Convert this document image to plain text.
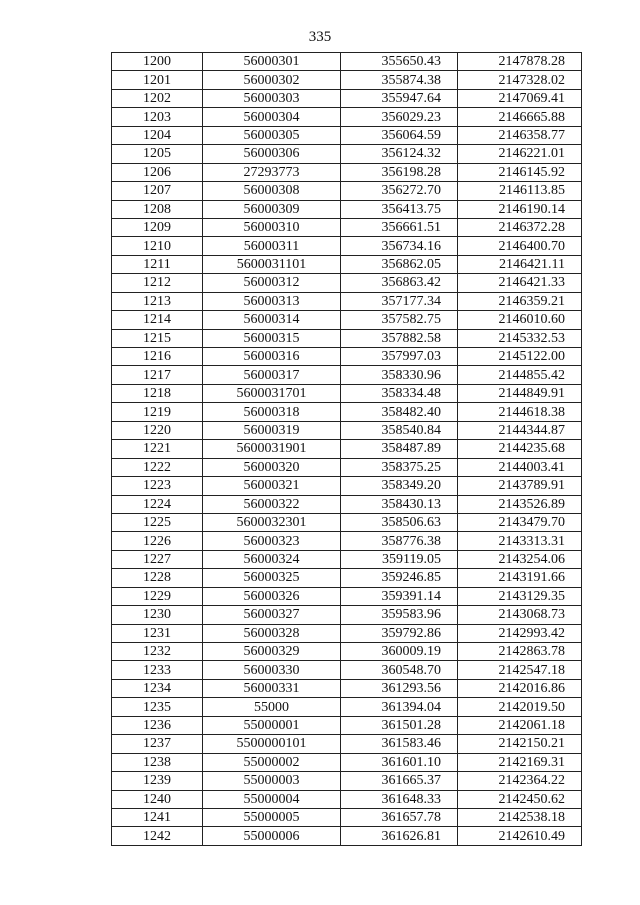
335
1200	56000301	355650.43	2147878.28
1201	56000302	355874.38	2147328.02
1202	56000303	355947.64	2147069.41
1203	56000304	356029.23	2146665.88
1204	56000305	356064.59	2146358.77
1205	56000306	356124.32	2146221.01
1206	27293773	356198.28	2146145.92
1207	56000308	356272.70	2146113.85
1208	56000309	356413.75	2146190.14
1209	56000310	356661.51	2146372.28
1210	56000311	356734.16	2146400.70
1211	5600031101	356862.05	2146421.11
1212	56000312	356863.42	2146421.33
1213	56000313	357177.34	2146359.21
1214	56000314	357582.75	2146010.60
1215	56000315	357882.58	2145332.53
1216	56000316	357997.03	2145122.00
1217	56000317	358330.96	2144855.42
1218	5600031701	358334.48	2144849.91
1219	56000318	358482.40	2144618.38
1220	56000319	358540.84	2144344.87
1221	5600031901	358487.89	2144235.68
1222	56000320	358375.25	2144003.41
1223	56000321	358349.20	2143789.91
1224	56000322	358430.13	2143526.89
1225	5600032301	358506.63	2143479.70
1226	56000323	358776.38	2143313.31
1227	56000324	359119.05	2143254.06
1228	56000325	359246.85	2143191.66
1229	56000326	359391.14	2143129.35
1230	56000327	359583.96	2143068.73
1231	56000328	359792.86	2142993.42
1232	56000329	360009.19	2142863.78
1233	56000330	360548.70	2142547.18
1234	56000331	361293.56	2142016.86
1235	55000	361394.04	2142019.50
1236	55000001	361501.28	2142061.18
1237	5500000101	361583.46	2142150.21
1238	55000002	361601.10	2142169.31
1239	55000003	361665.37	2142364.22
1240	55000004	361648.33	2142450.62
1241	55000005	361657.78	2142538.18
1242	55000006	361626.81	2142610.49
